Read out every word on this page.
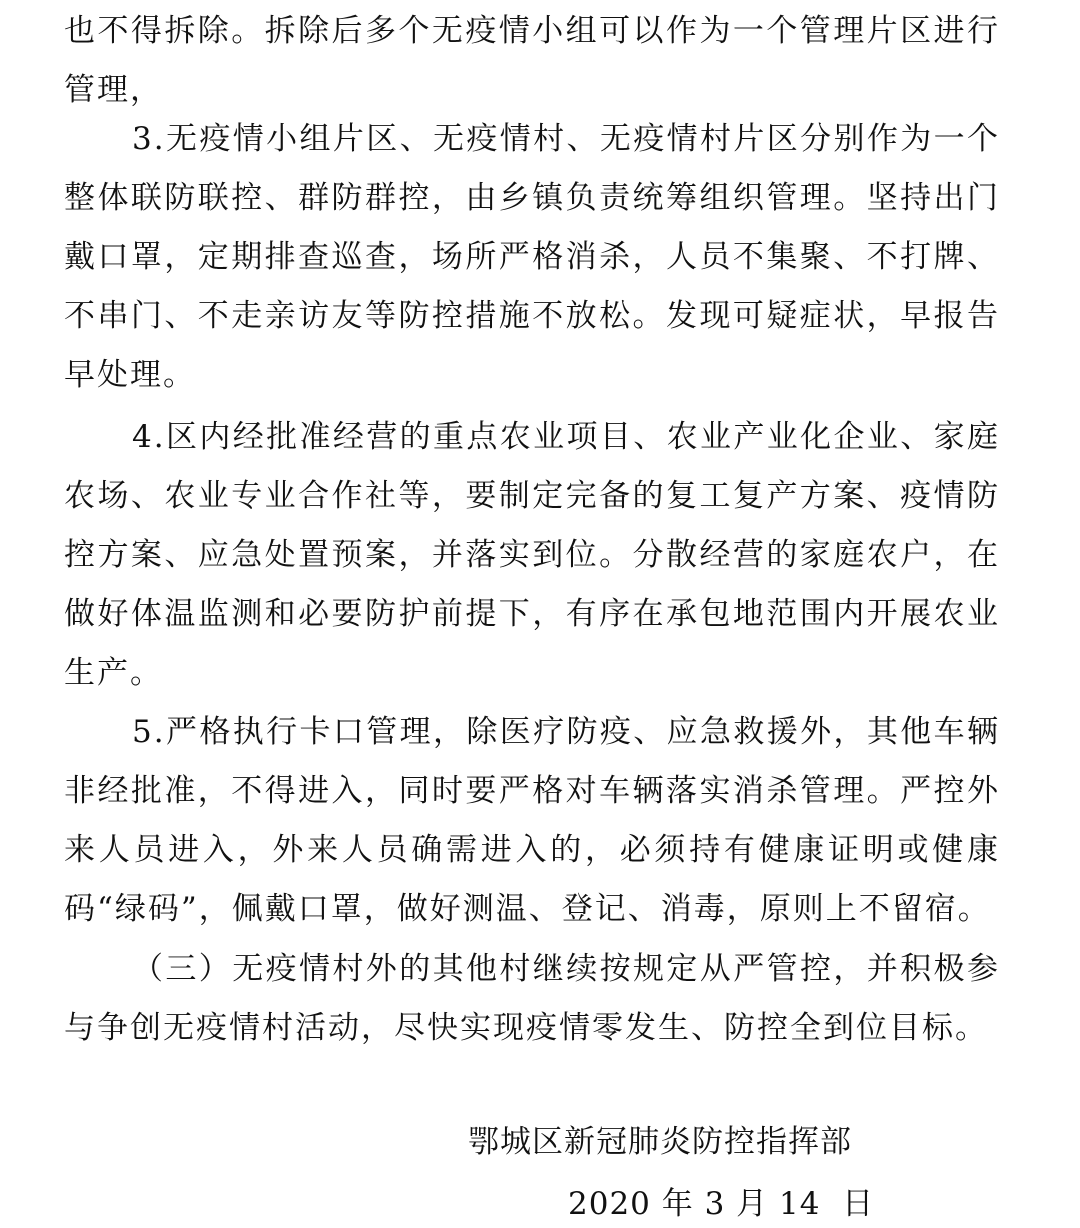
也不得拆除。拆除后多个无疫情小组可以作为一个管理片区进行管理，

3.无疫情小组片区、无疫情村、无疫情村片区分别作为一个整体联防联控、群防群控，由乡镇负责统筹组织管理。坚持出门戴口罩，定期排查巡查，场所严格消杀，人员不集聚、不打牌、不串门、不走亲访友等防控措施不放松。发现可疑症状，早报告早处理。

4.区内经批准经营的重点农业项目、农业产业化企业、家庭农场、农业专业合作社等，要制定完备的复工复产方案、疫情防控方案、应急处置预案，并落实到位。分散经营的家庭农户，在做好体温监测和必要防护前提下，有序在承包地范围内开展农业生产。

5.严格执行卡口管理，除医疗防疫、应急救援外，其他车辆非经批准，不得进入，同时要严格对车辆落实消杀管理。严控外来人员进入，外来人员确需进入的，必须持有健康证明或健康码“绿码”，佩戴口罩，做好测温、登记、消毒，原则上不留宿。

（三）无疫情村外的其他村继续按规定从严管控，并积极参与争创无疫情村活动，尽快实现疫情零发生、防控全到位目标。

鄂城区新冠肺炎防控指挥部
2020 年 3 月 14  日
